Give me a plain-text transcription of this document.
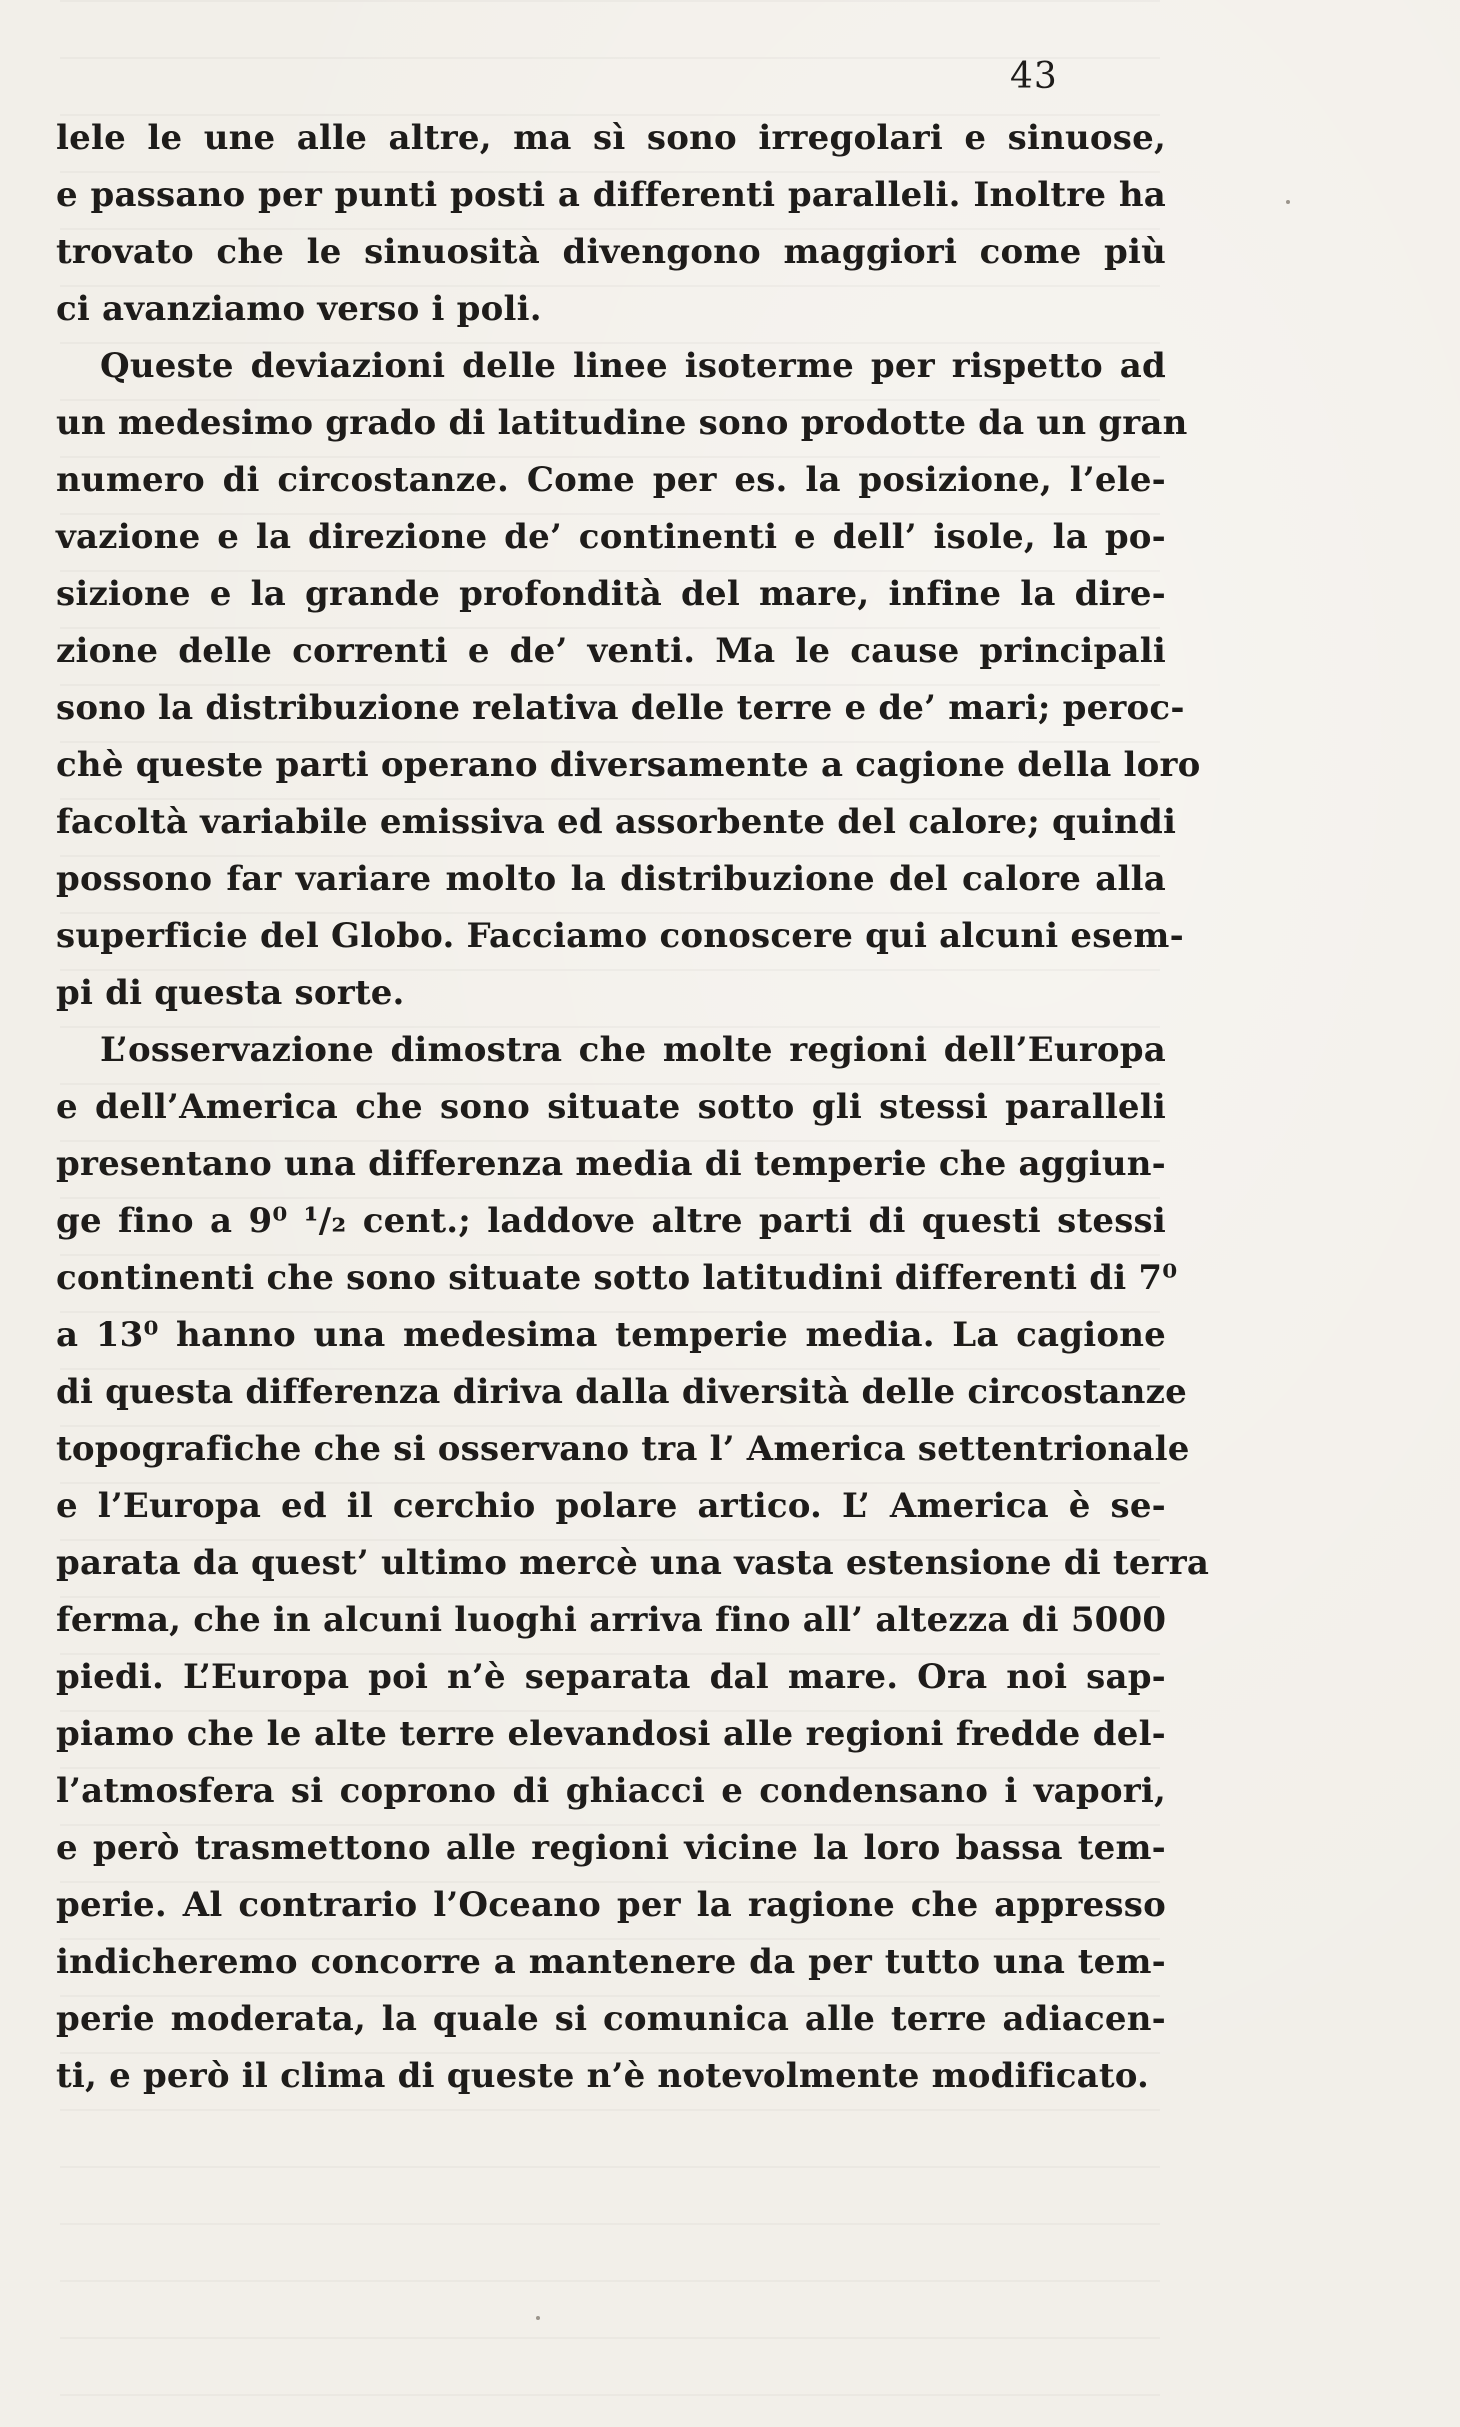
43
lele le une alle altre, ma sì sono irregolari e sinuose,
e passano per punti posti a differenti paralleli. Inoltre ha
trovato che le sinuosità divengono maggiori come più
ci avanziamo verso i poli.
Queste deviazioni delle linee isoterme per rispetto ad
un medesimo grado di latitudine sono prodotte da un gran
numero di circostanze. Come per es. la posizione, l’ele-
vazione e la direzione de’ continenti e dell’ isole, la po-
sizione e la grande profondità del mare, infine la dire-
zione delle correnti e de’ venti. Ma le cause principali
sono la distribuzione relativa delle terre e de’ mari; peroc-
chè queste parti operano diversamente a cagione della loro
facoltà variabile emissiva ed assorbente del calore; quindi
possono far variare molto la distribuzione del calore alla
superficie del Globo. Facciamo conoscere qui alcuni esem-
pi di questa sorte.
L’osservazione dimostra che molte regioni dell’Europa
e dell’America che sono situate sotto gli stessi paralleli
presentano una differenza media di temperie che aggiun-
ge fino a 9⁰ ¹/₂ cent.; laddove altre parti di questi stessi
continenti che sono situate sotto latitudini differenti di 7⁰
a 13⁰ hanno una medesima temperie media. La cagione
di questa differenza diriva dalla diversità delle circostanze
topografiche che si osservano tra l’ America settentrionale
e l’Europa ed il cerchio polare artico. L’ America è se-
parata da quest’ ultimo mercè una vasta estensione di terra
ferma, che in alcuni luoghi arriva fino all’ altezza di 5000
piedi. L’Europa poi n’è separata dal mare. Ora noi sap-
piamo che le alte terre elevandosi alle regioni fredde del-
l’atmosfera si coprono di ghiacci e condensano i vapori,
e però trasmettono alle regioni vicine la loro bassa tem-
perie. Al contrario l’Oceano per la ragione che appresso
indicheremo concorre a mantenere da per tutto una tem-
perie moderata, la quale si comunica alle terre adiacen-
ti, e però il clima di queste n’è notevolmente modificato.
